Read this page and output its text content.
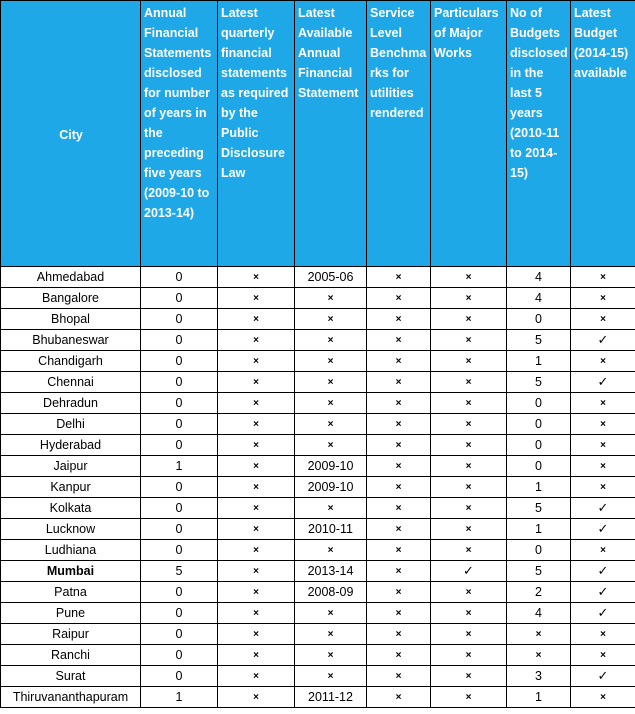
City	Annual Financial Statements disclosed for number of years in the preceding five years (2009-10 to 2013-14)	Latest quarterly financial statements as required by the Public Disclosure Law	Latest Available Annual Financial Statement	Service Level Benchmarks for utilities rendered	Particulars of Major Works	No of Budgets disclosed in the last 5 years (2010-11 to 2014-15)	Latest Budget (2014-15) available
Ahmedabad	0	×	2005-06	×	×	4	×
Bangalore	0	×	×	×	×	4	×
Bhopal	0	×	×	×	×	0	×
Bhubaneswar	0	×	×	×	×	5	✓
Chandigarh	0	×	×	×	×	1	×
Chennai	0	×	×	×	×	5	✓
Dehradun	0	×	×	×	×	0	×
Delhi	0	×	×	×	×	0	×
Hyderabad	0	×	×	×	×	0	×
Jaipur	1	×	2009-10	×	×	0	×
Kanpur	0	×	2009-10	×	×	1	×
Kolkata	0	×	×	×	×	5	✓
Lucknow	0	×	2010-11	×	×	1	✓
Ludhiana	0	×	×	×	×	0	×
Mumbai	5	×	2013-14	×	✓	5	✓
Patna	0	×	2008-09	×	×	2	✓
Pune	0	×	×	×	×	4	✓
Raipur	0	×	×	×	×	×	×
Ranchi	0	×	×	×	×	×	×
Surat	0	×	×	×	×	3	✓
Thiruvananthapuram	1	×	2011-12	×	×	1	×
